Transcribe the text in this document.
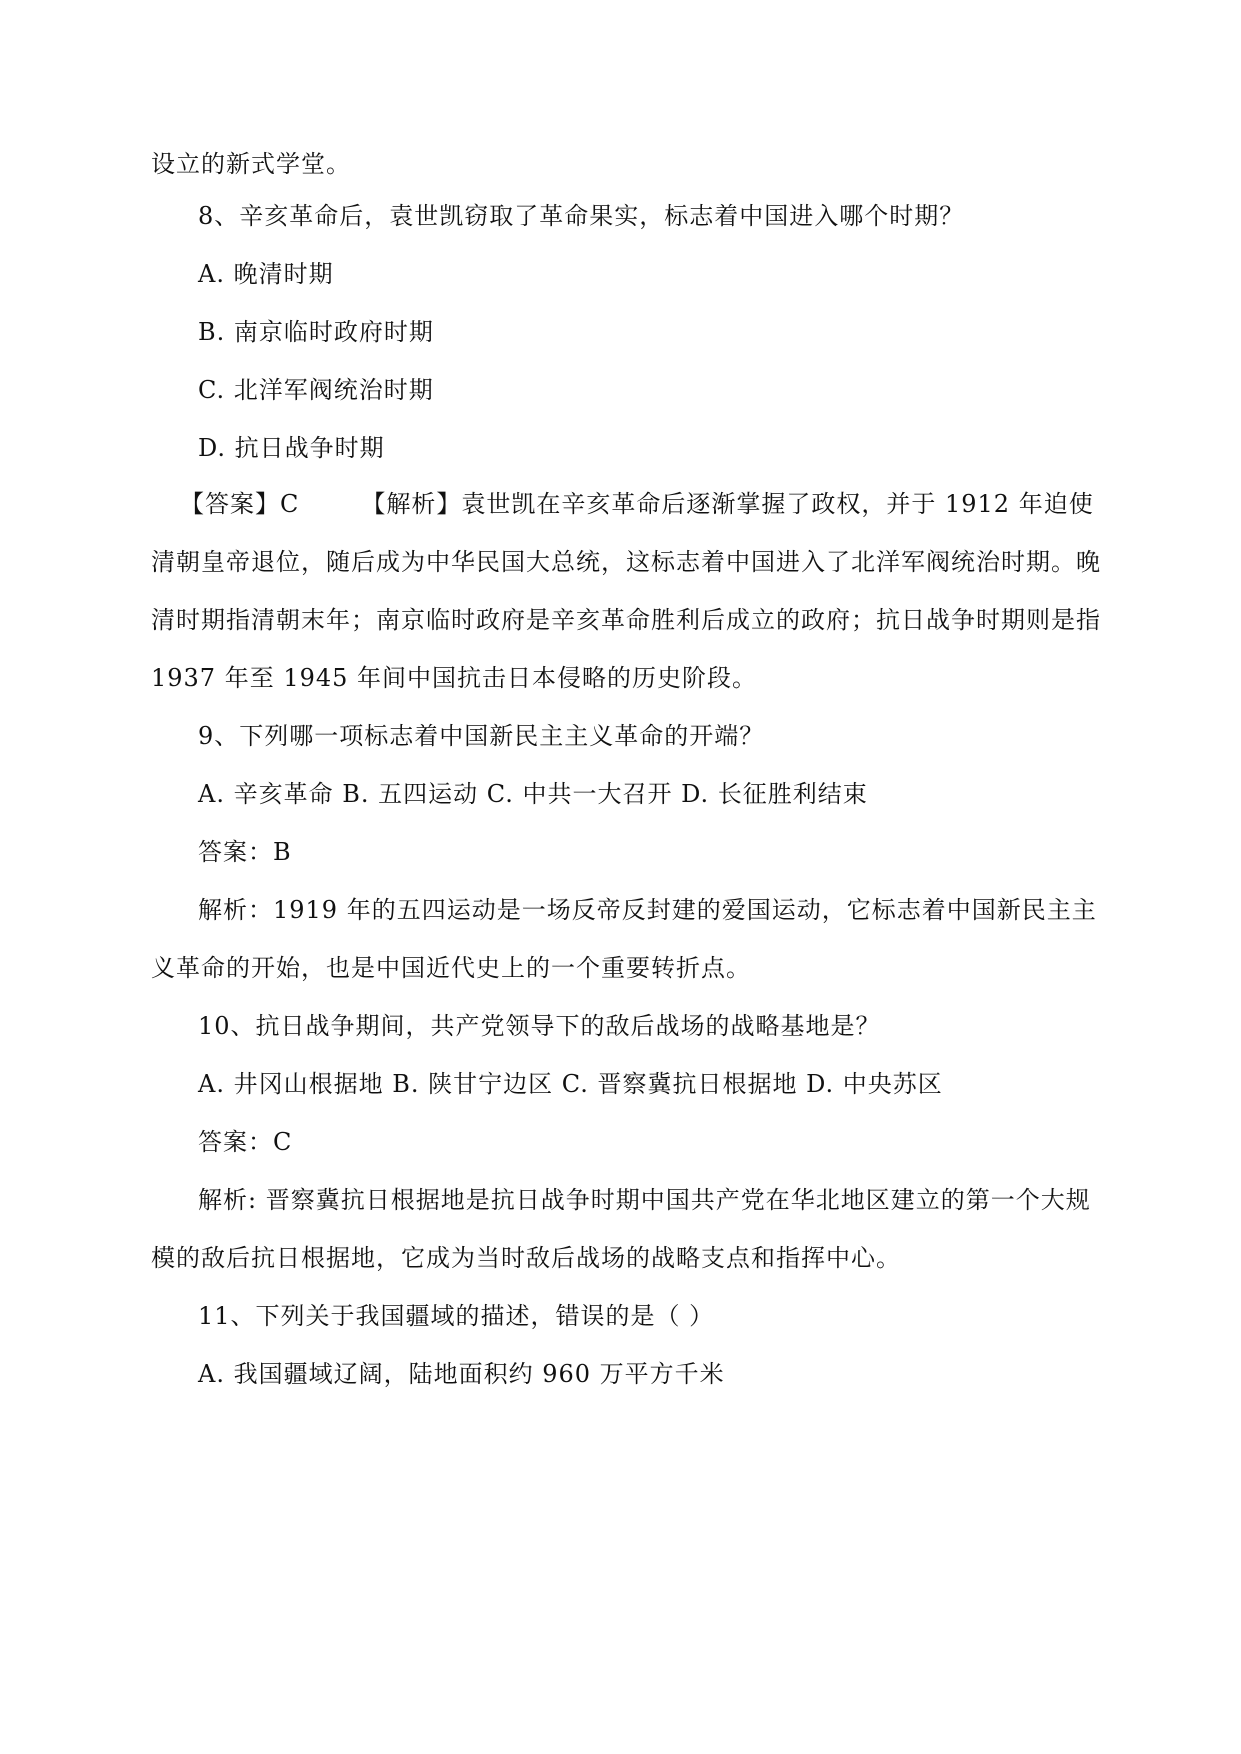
设立的新式学堂。
8、辛亥革命后，袁世凯窃取了革命果实，标志着中国进入哪个时期？
A. 晚清时期
B. 南京临时政府时期
C. 北洋军阀统治时期
D. 抗日战争时期
【答案】C	【解析】袁世凯在辛亥革命后逐渐掌握了政权，并于 1912 年迫使
清朝皇帝退位，随后成为中华民国大总统，这标志着中国进入了北洋军阀统治时期。晚
清时期指清朝末年；南京临时政府是辛亥革命胜利后成立的政府；抗日战争时期则是指
1937 年至 1945 年间中国抗击日本侵略的历史阶段。
9、下列哪一项标志着中国新民主主义革命的开端？
A. 辛亥革命 B. 五四运动 C. 中共一大召开 D. 长征胜利结束
答案：B
解析：1919 年的五四运动是一场反帝反封建的爱国运动，它标志着中国新民主主
义革命的开始，也是中国近代史上的一个重要转折点。
10、抗日战争期间，共产党领导下的敌后战场的战略基地是？
A. 井冈山根据地 B. 陕甘宁边区 C. 晋察冀抗日根据地 D. 中央苏区
答案：C
解析: 晋察冀抗日根据地是抗日战争时期中国共产党在华北地区建立的第一个大规
模的敌后抗日根据地，它成为当时敌后战场的战略支点和指挥中心。
11、下列关于我国疆域的描述，错误的是（ ）
A. 我国疆域辽阔，陆地面积约 960 万平方千米
